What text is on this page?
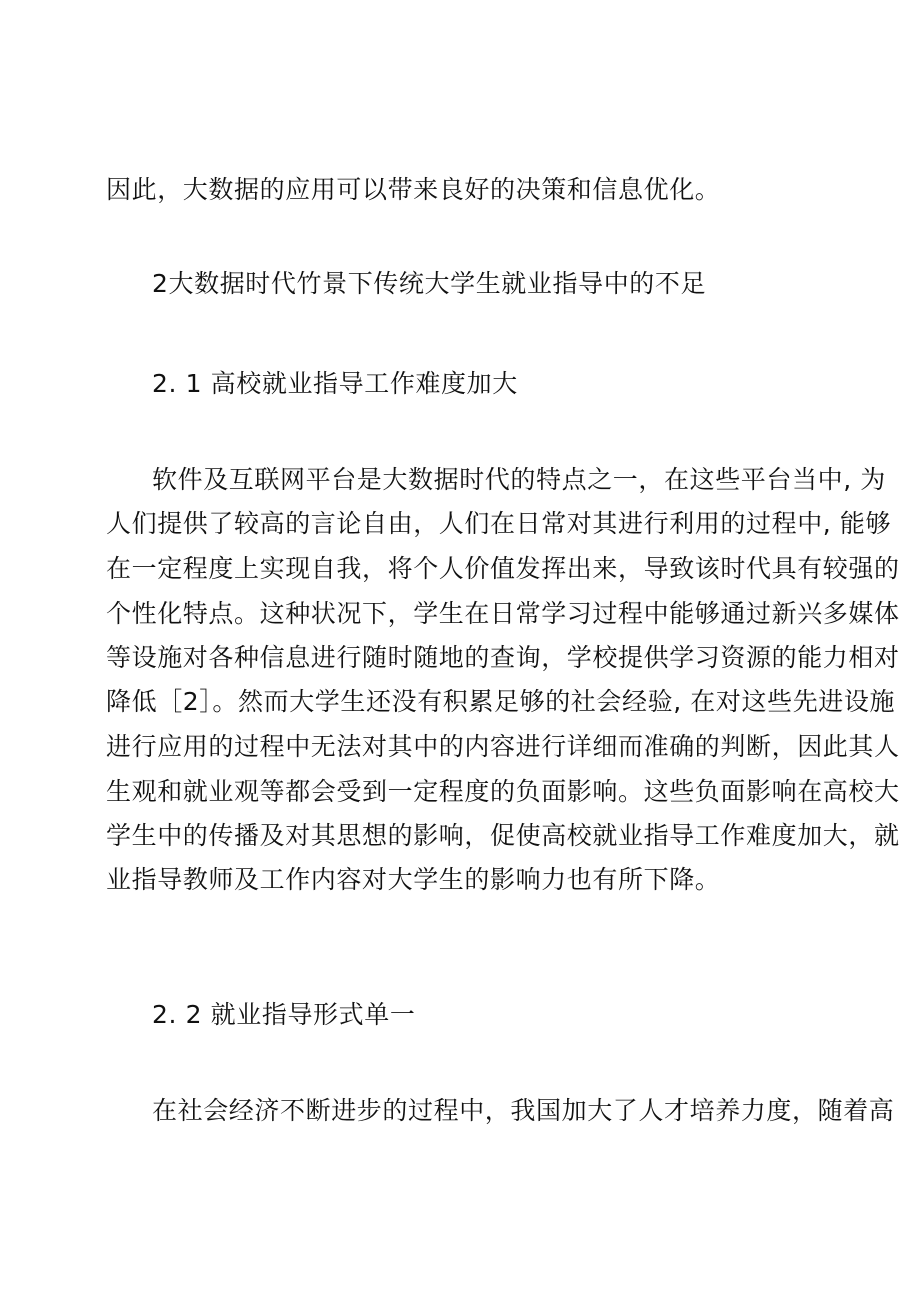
因此，大数据的应用可以带来良好的决策和信息优化。
2大数据时代竹景下传统大学生就业指导中的不足
2. 1 高校就业指导工作难度加大
软件及互联网平台是大数据时代的特点之一，在这些平台当中, 为
人们提供了较高的言论自由，人们在日常对其进行利用的过程中, 能够
在一定程度上实现自我，将个人价值发挥出来，导致该时代具有较强的
个性化特点。这种状况下，学生在日常学习过程中能够通过新兴多媒体
等设施对各种信息进行随时随地的查询，学校提供学习资源的能力相对
降低［2］。然而大学生还没有积累足够的社会经验, 在对这些先进设施
进行应用的过程中无法对其中的内容进行详细而准确的判断，因此其人
生观和就业观等都会受到一定程度的负面影响。这些负面影响在高校大
学生中的传播及对其思想的影响，促使高校就业指导工作难度加大，就
业指导教师及工作内容对大学生的影响力也有所下降。
2. 2 就业指导形式单一
在社会经济不断进步的过程中，我国加大了人才培养力度，随着高
